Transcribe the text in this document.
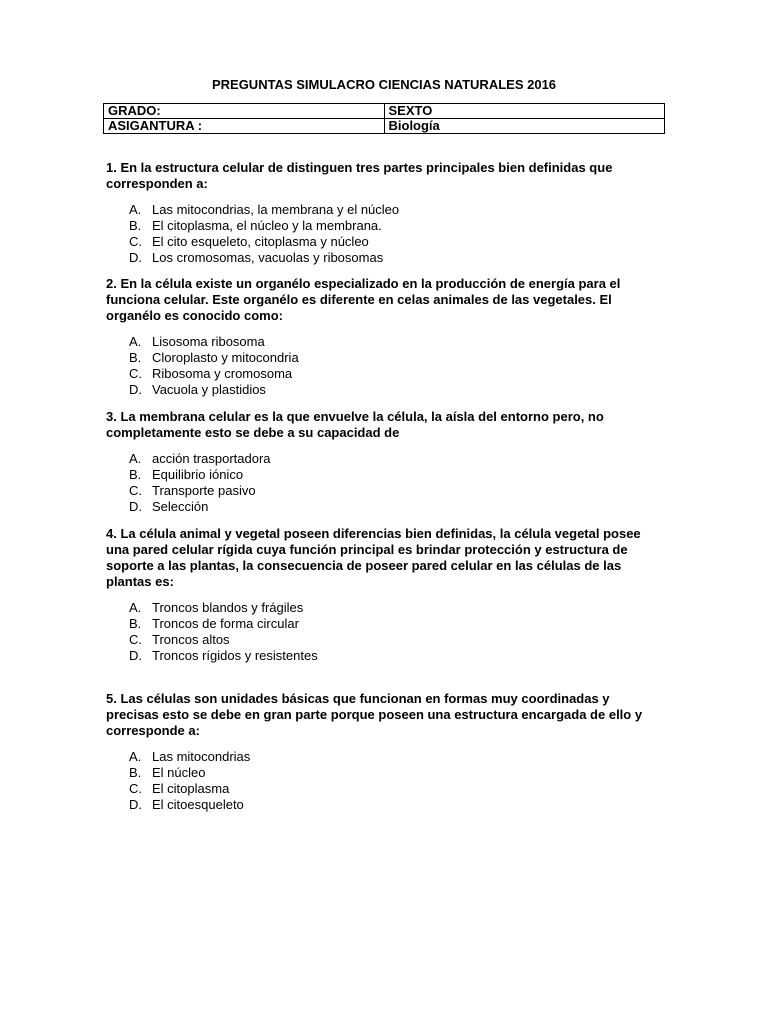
PREGUNTAS SIMULACRO CIENCIAS NATURALES 2016
GRADO:	SEXTO
ASIGANTURA :	Biología
1. En la estructura celular de distinguen tres partes principales bien definidas que corresponden a:
A. Las mitocondrias, la membrana y el núcleo
B. El citoplasma, el núcleo y la membrana.
C. El cito esqueleto, citoplasma y núcleo
D. Los cromosomas, vacuolas y ribosomas
2. En la célula existe un organélo especializado en la producción de energía para el funciona celular. Este organélo es diferente en celas animales de las vegetales. El organélo es conocido como:
A. Lisosoma ribosoma
B. Cloroplasto y mitocondria
C. Ribosoma y cromosoma
D. Vacuola y plastidios
3. La membrana celular es la que envuelve la célula, la aísla del entorno pero, no completamente esto se debe a su capacidad de
A. acción trasportadora
B. Equilibrio iónico
C. Transporte pasivo
D. Selección
4. La célula animal y vegetal poseen diferencias bien definidas, la célula vegetal posee una pared celular rígida cuya función principal es brindar protección y estructura de soporte a las plantas, la consecuencia de poseer pared celular en las células de las plantas es:
A. Troncos blandos y frágiles
B. Troncos de forma circular
C. Troncos altos
D. Troncos rígidos y resistentes
5. Las células son unidades básicas que funcionan en formas muy coordinadas y precisas esto se debe en gran parte porque poseen una estructura encargada de ello y corresponde a:
A. Las mitocondrias
B. El núcleo
C. El citoplasma
D. El citoesqueleto
